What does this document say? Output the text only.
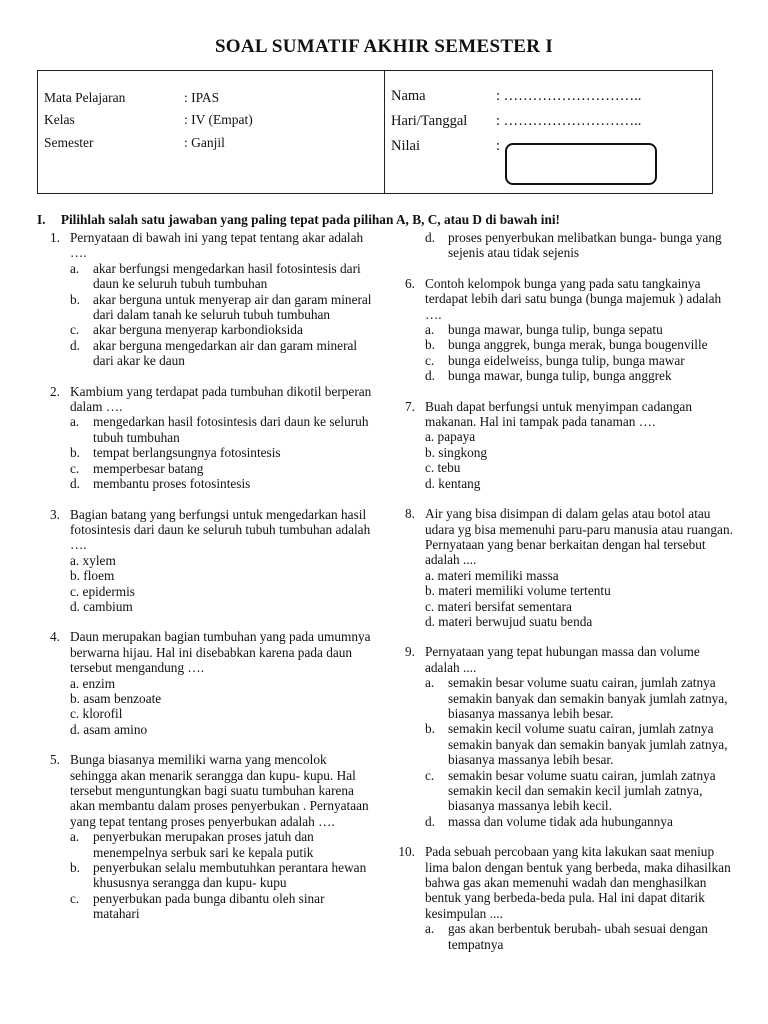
SOAL SUMATIF AKHIR SEMESTER I
Mata Pelajaran	: IPAS
Kelas	: IV (Empat)
Semester	: Ganjil
Nama	: ………………………..
Hari/Tanggal : ………………………..
Nilai	:
I. Pilihlah salah satu jawaban yang paling tepat pada pilihan A, B, C, atau D di bawah ini!
1. Pernyataan di bawah ini yang tepat tentang akar adalah ….
a. akar berfungsi mengedarkan hasil fotosintesis dari daun ke seluruh tubuh tumbuhan
b. akar berguna untuk menyerap air dan garam mineral dari dalam tanah ke seluruh tubuh tumbuhan
c. akar berguna menyerap karbondioksida
d. akar berguna mengedarkan air dan garam mineral dari akar ke daun
2. Kambium yang terdapat pada tumbuhan dikotil berperan dalam ….
a. mengedarkan hasil fotosintesis dari daun ke seluruh tubuh tumbuhan
b. tempat berlangsungnya fotosintesis
c. memperbesar batang
d. membantu proses fotosintesis
3. Bagian batang yang berfungsi untuk mengedarkan hasil fotosintesis dari daun ke seluruh tubuh tumbuhan adalah ….
a. xylem
b. floem
c. epidermis
d. cambium
4. Daun merupakan bagian tumbuhan yang pada umumnya berwarna hijau. Hal ini disebabkan karena pada daun tersebut mengandung ….
a. enzim
b. asam benzoate
c. klorofil
d. asam amino
5. Bunga biasanya memiliki warna yang mencolok sehingga akan menarik serangga dan kupu- kupu. Hal tersebut menguntungkan bagi suatu tumbuhan karena akan membantu dalam proses penyerbukan . Pernyataan yang tepat tentang proses penyerbukan adalah ….
a. penyerbukan merupakan proses jatuh dan menempelnya serbuk sari ke kepala putik
b. penyerbukan selalu membutuhkan perantara hewan khususnya serangga dan kupu- kupu
c. penyerbukan pada bunga dibantu oleh sinar matahari
d. proses penyerbukan melibatkan bunga- bunga yang sejenis atau tidak sejenis
6. Contoh kelompok bunga yang pada satu tangkainya terdapat lebih dari satu bunga (bunga majemuk ) adalah ….
a. bunga mawar, bunga tulip, bunga sepatu
b. bunga anggrek, bunga merak, bunga bougenville
c. bunga eidelweiss, bunga tulip, bunga mawar
d. bunga mawar, bunga tulip, bunga anggrek
7. Buah dapat berfungsi untuk menyimpan cadangan makanan. Hal ini tampak pada tanaman ….
a. papaya
b. singkong
c. tebu
d. kentang
8. Air yang bisa disimpan di dalam gelas atau botol atau udara yg bisa memenuhi paru-paru manusia atau ruangan. Pernyataan yang benar berkaitan dengan hal tersebut adalah ....
a. materi memiliki massa
b. materi memiliki volume tertentu
c. materi bersifat sementara
d. materi berwujud suatu benda
9. Pernyataan yang tepat hubungan massa dan volume adalah ....
a. semakin besar volume suatu cairan, jumlah zatnya semakin banyak dan semakin banyak jumlah zatnya, biasanya massanya lebih besar.
b. semakin kecil volume suatu cairan, jumlah zatnya semakin banyak dan semakin banyak jumlah zatnya, biasanya massanya lebih besar.
c. semakin besar volume suatu cairan, jumlah zatnya semakin kecil dan semakin kecil jumlah zatnya, biasanya massanya lebih kecil.
d. massa dan volume tidak ada hubungannya
10. Pada sebuah percobaan yang kita lakukan saat meniup lima balon dengan bentuk yang berbeda, maka dihasilkan bahwa gas akan memenuhi wadah dan menghasilkan bentuk yang berbeda-beda pula. Hal ini dapat ditarik kesimpulan ....
a. gas akan berbentuk berubah- ubah sesuai dengan tempatnya
